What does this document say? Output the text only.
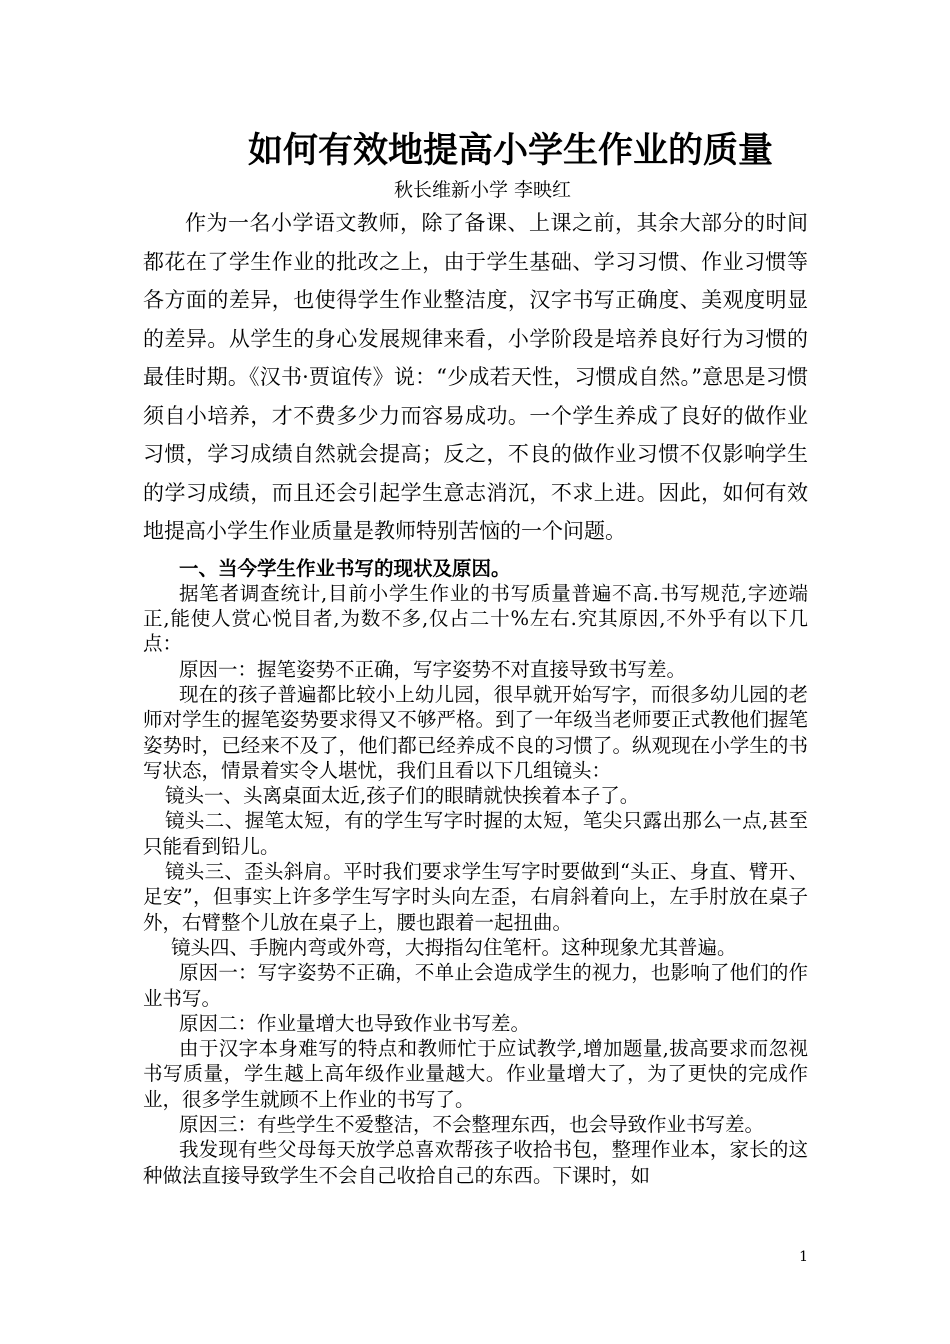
如何有效地提高小学生作业的质量

秋长维新小学 李映红

作为一名小学语文教师，除了备课、上课之前，其余大部分的时间都花在了学生作业的批改之上，由于学生基础、学习习惯、作业习惯等各方面的差异，也使得学生作业整洁度，汉字书写正确度、美观度明显的差异。从学生的身心发展规律来看，小学阶段是培养良好行为习惯的最佳时期。《汉书·贾谊传》说：“少成若天性，习惯成自然。”意思是习惯须自小培养，才不费多少力而容易成功。一个学生养成了良好的做作业习惯，学习成绩自然就会提高；反之，不良的做作业习惯不仅影响学生的学习成绩，而且还会引起学生意志消沉，不求上进。因此，如何有效地提高小学生作业质量是教师特别苦恼的一个问题。

一、当今学生作业书写的现状及原因。

据笔者调查统计,目前小学生作业的书写质量普遍不高.书写规范,字迹端正,能使人赏心悦目者,为数不多,仅占二十%左右.究其原因,不外乎有以下几点：

原因一：握笔姿势不正确，写字姿势不对直接导致书写差。

现在的孩子普遍都比较小上幼儿园，很早就开始写字，而很多幼儿园的老师对学生的握笔姿势要求得又不够严格。到了一年级当老师要正式教他们握笔姿势时，已经来不及了，他们都已经养成不良的习惯了。纵观现在小学生的书写状态，情景着实令人堪忧，我们且看以下几组镜头：

镜头一、头离桌面太近,孩子们的眼睛就快挨着本子了。

镜头二、握笔太短，有的学生写字时握的太短，笔尖只露出那么一点,甚至只能看到铅儿。

镜头三、歪头斜肩。平时我们要求学生写字时要做到“头正、身直、臂开、足安”，但事实上许多学生写字时头向左歪，右肩斜着向上，左手肘放在桌子外，右臂整个儿放在桌子上，腰也跟着一起扭曲。

镜头四、手腕内弯或外弯，大拇指勾住笔杆。这种现象尤其普遍。

原因一：写字姿势不正确，不单止会造成学生的视力，也影响了他们的作业书写。

原因二：作业量增大也导致作业书写差。

由于汉字本身难写的特点和教师忙于应试教学,增加题量,拔高要求而忽视书写质量，学生越上高年级作业量越大。作业量增大了，为了更快的完成作业，很多学生就顾不上作业的书写了。

原因三：有些学生不爱整洁，不会整理东西，也会导致作业书写差。

我发现有些父母每天放学总喜欢帮孩子收拾书包，整理作业本，家长的这种做法直接导致学生不会自己收拾自己的东西。下课时，如

1
